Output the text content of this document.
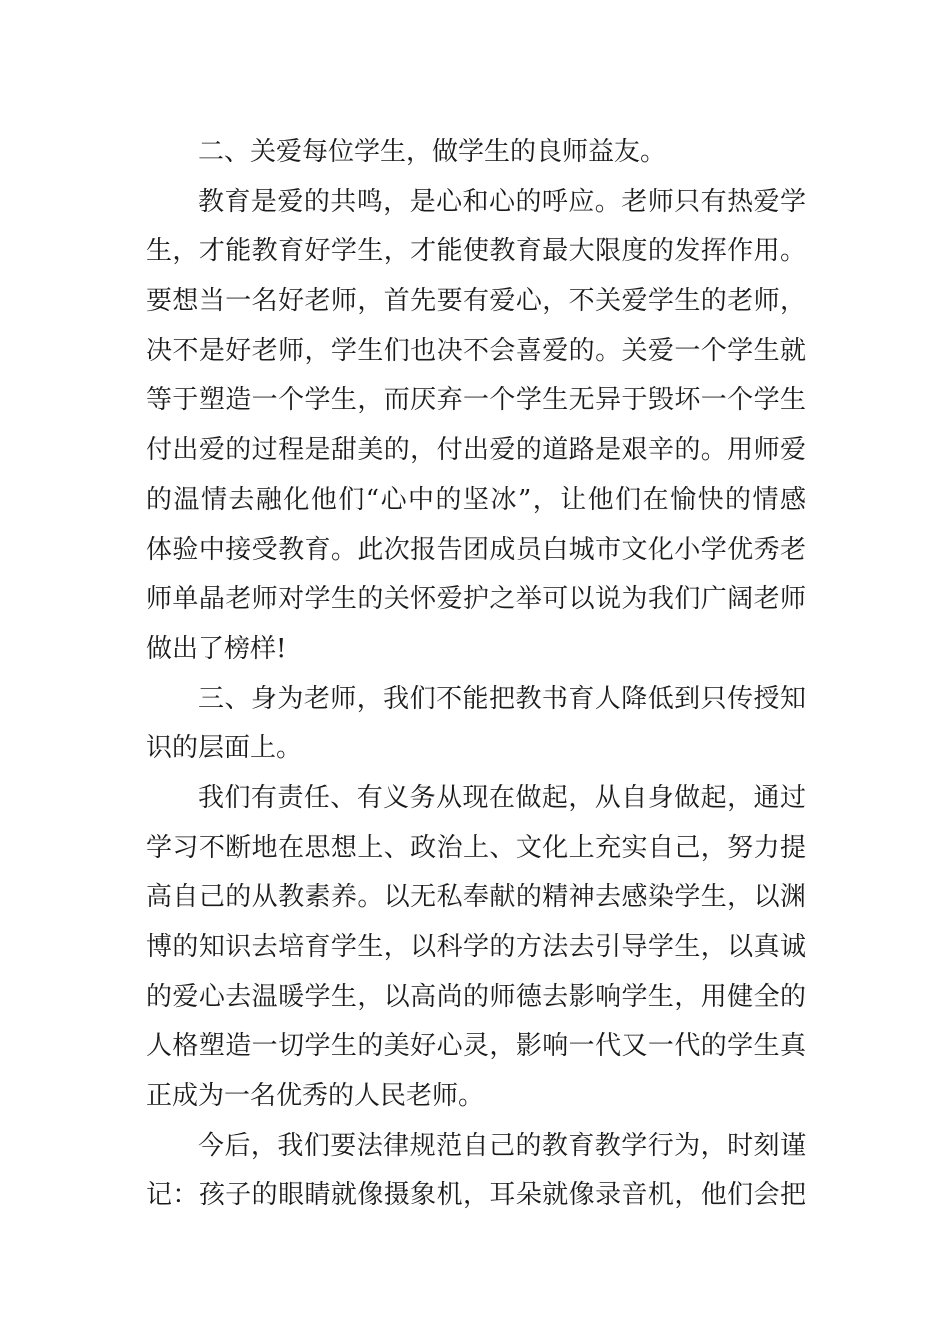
二、关爱每位学生，做学生的良师益友。
教育是爱的共鸣，是心和心的呼应。老师只有热爱学
生，才能教育好学生，才能使教育最大限度的发挥作用。
要想当一名好老师，首先要有爱心，不关爱学生的老师，
决不是好老师，学生们也决不会喜爱的。关爱一个学生就
等于塑造一个学生，而厌弃一个学生无异于毁坏一个学生
付出爱的过程是甜美的，付出爱的道路是艰辛的。用师爱
的温情去融化他们“心中的坚冰”，让他们在愉快的情感
体验中接受教育。此次报告团成员白城市文化小学优秀老
师单晶老师对学生的关怀爱护之举可以说为我们广阔老师
做出了榜样!
三、身为老师，我们不能把教书育人降低到只传授知
识的层面上。
我们有责任、有义务从现在做起，从自身做起，通过
学习不断地在思想上、政治上、文化上充实自己，努力提
高自己的从教素养。以无私奉献的精神去感染学生，以渊
博的知识去培育学生，以科学的方法去引导学生，以真诚
的爱心去温暖学生，以高尚的师德去影响学生，用健全的
人格塑造一切学生的美好心灵，影响一代又一代的学生真
正成为一名优秀的人民老师。
今后，我们要法律规范自己的教育教学行为，时刻谨
记：孩子的眼睛就像摄象机，耳朵就像录音机，他们会把
